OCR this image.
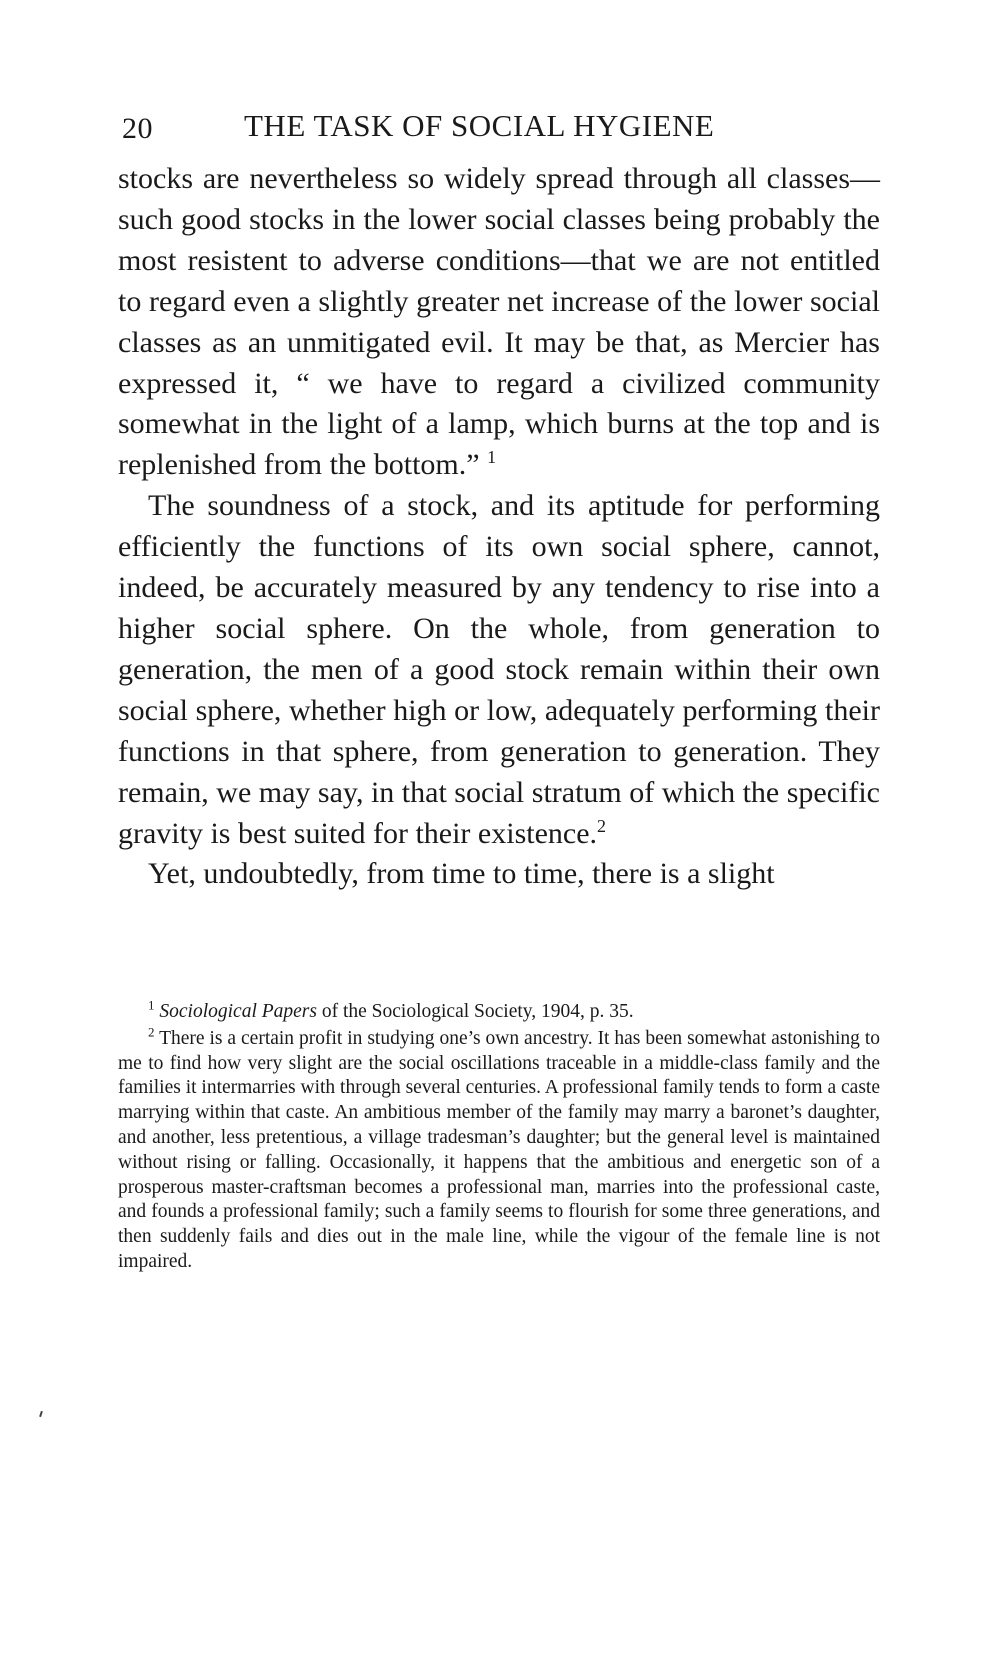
20	THE TASK OF SOCIAL HYGIENE

stocks are nevertheless so widely spread through all classes—such good stocks in the lower social classes being probably the most resistent to adverse conditions—that we are not entitled to regard even a slightly greater net increase of the lower social classes as an unmitigated evil. It may be that, as Mercier has expressed it, “ we have to regard a civilized community somewhat in the light of a lamp, which burns at the top and is replenished from the bottom.” $^1$

The soundness of a stock, and its aptitude for performing efficiently the functions of its own social sphere, cannot, indeed, be accurately measured by any tendency to rise into a higher social sphere. On the whole, from generation to generation, the men of a good stock remain within their own social sphere, whether high or low, adequately performing their functions in that sphere, from generation to generation. They remain, we may say, in that social stratum of which the specific gravity is best suited for their existence.$^2$

Yet, undoubtedly, from time to time, there is a slight

$^1$ Sociological Papers of the Sociological Society, 1904, p. 35.

$^2$ There is a certain profit in studying one’s own ancestry. It has been somewhat astonishing to me to find how very slight are the social oscillations traceable in a middle-class family and the families it intermarries with through several centuries. A professional family tends to form a caste marrying within that caste. An ambitious member of the family may marry a baronet’s daughter, and another, less pretentious, a village tradesman’s daughter; but the general level is maintained without rising or falling. Occasionally, it happens that the ambitious and energetic son of a prosperous master-craftsman becomes a professional man, marries into the professional caste, and founds a professional family; such a family seems to flourish for some three generations, and then suddenly fails and dies out in the male line, while the vigour of the female line is not impaired.
